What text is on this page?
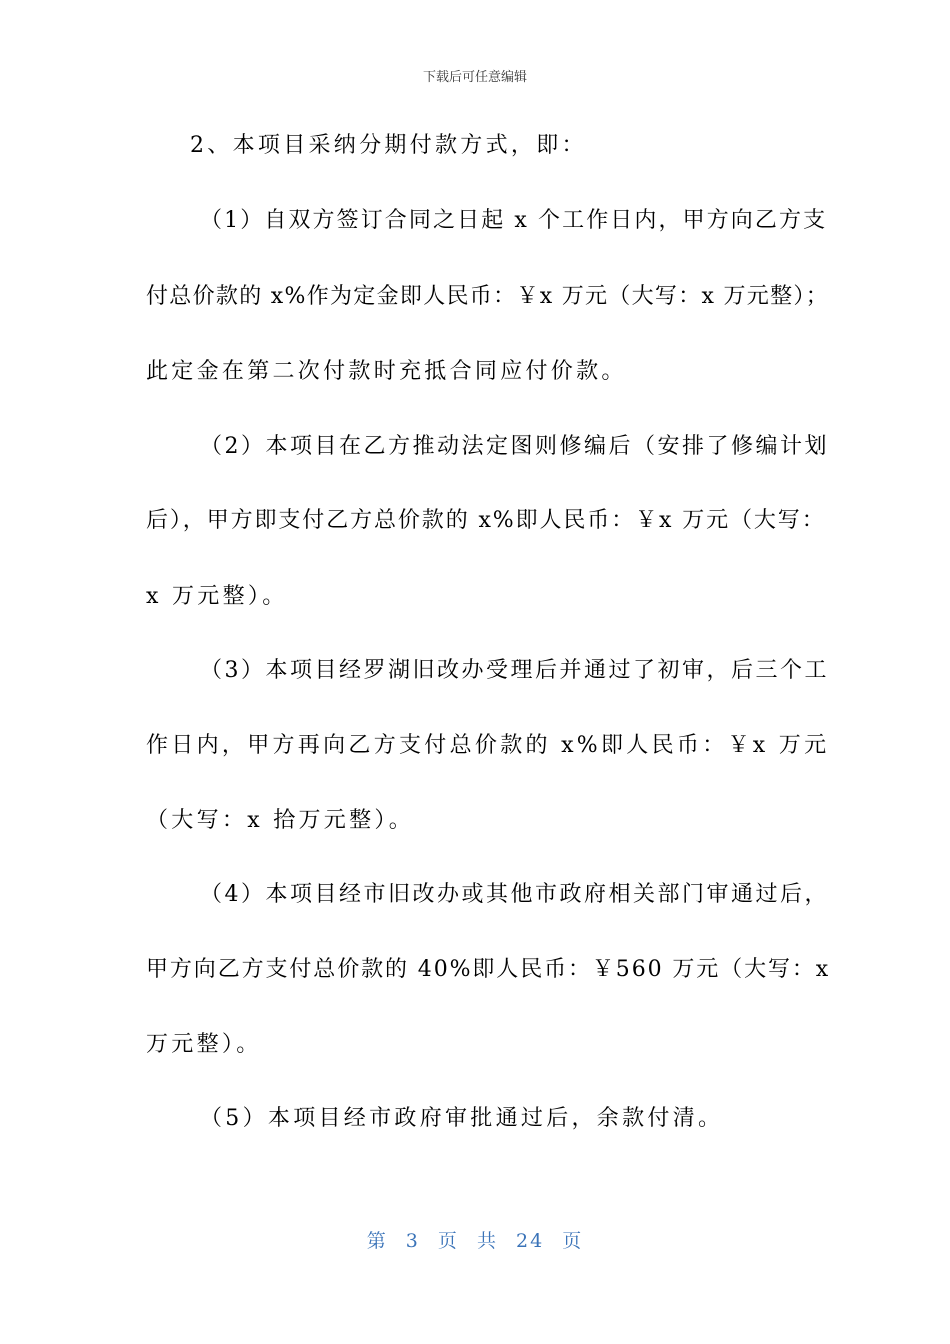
下载后可任意编辑
2、本项目采纳分期付款方式，即：
（1）自双方签订合同之日起 x 个工作日内，甲方向乙方支
付总价款的 x%作为定金即人民币：￥x 万元（大写：x 万元整）；
此定金在第二次付款时充抵合同应付价款。
（2）本项目在乙方推动法定图则修编后（安排了修编计划
后），甲方即支付乙方总价款的 x%即人民币：￥x 万元（大写：
x 万元整）。
（3）本项目经罗湖旧改办受理后并通过了初审，后三个工
作日内，甲方再向乙方支付总价款的 x%即人民币：￥x 万元
（大写：x 拾万元整）。
（4）本项目经市旧改办或其他市政府相关部门审通过后，
甲方向乙方支付总价款的 40%即人民币：￥560 万元（大写：x
万元整）。
（5）本项目经市政府审批通过后，余款付清。
第 3 页 共 24 页
